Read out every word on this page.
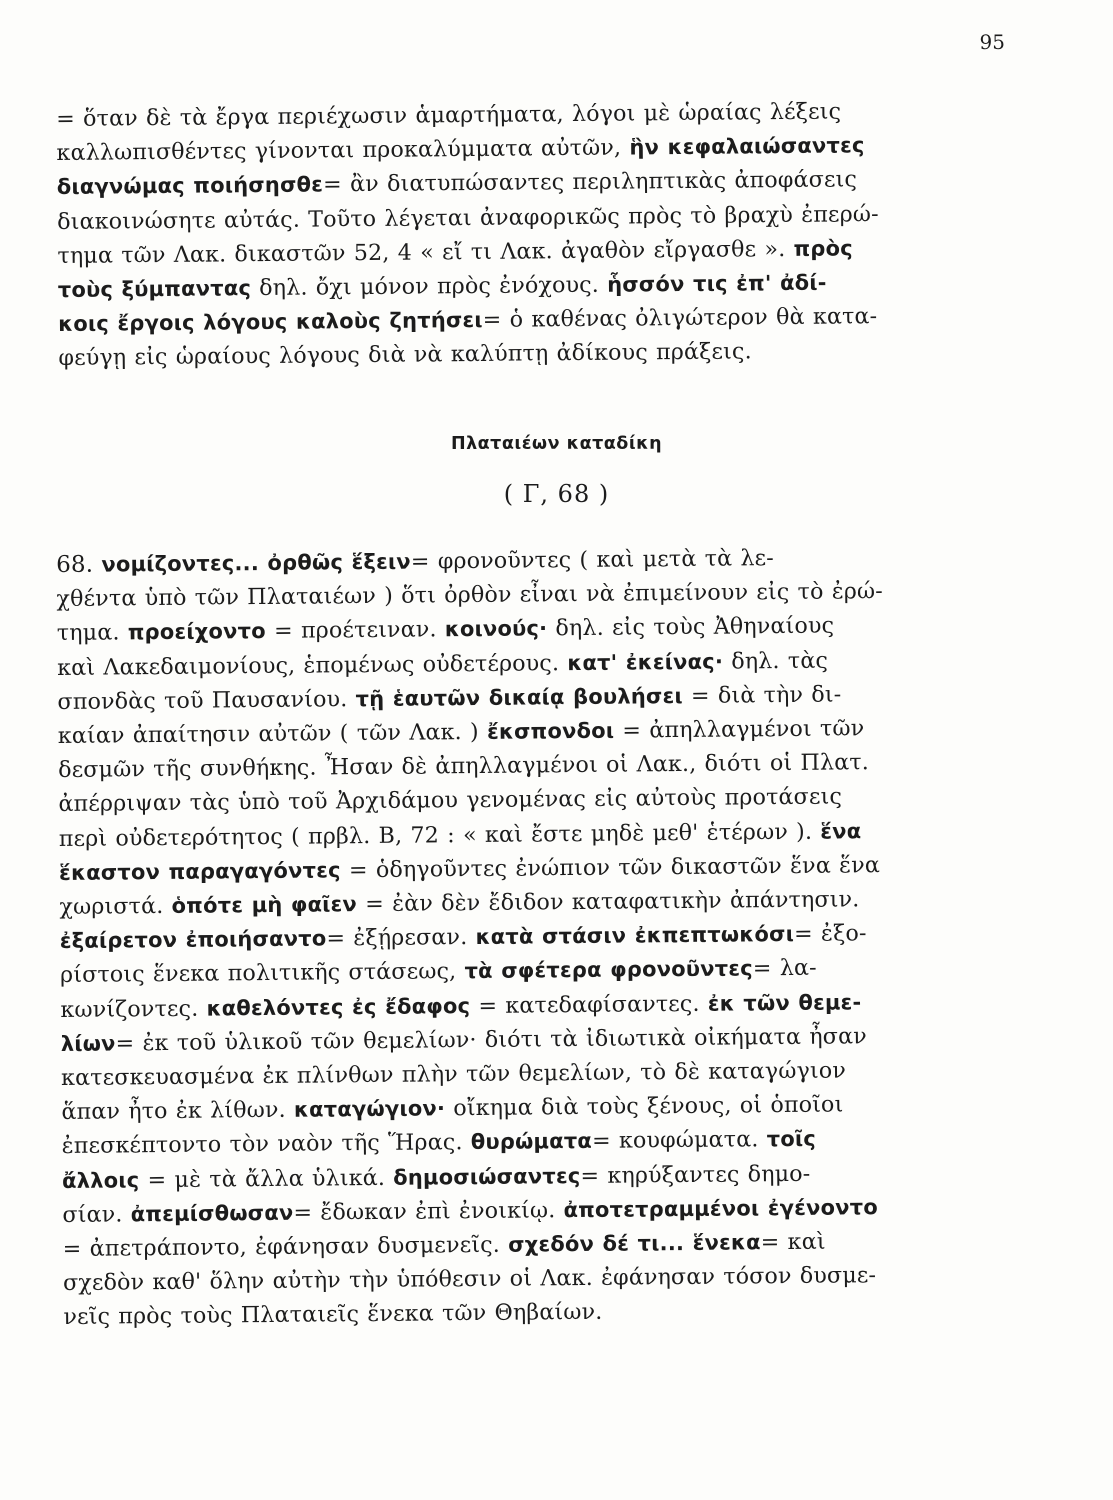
95
= ὅταν δὲ τὰ ἔργα περιέχωσιν ἁμαρτήματα, λόγοι μὲ ὡραίας λέξεις
καλλωπισθέντες γίνονται προκαλύμματα αὐτῶν, ἣν κεφαλαιώσαντες
διαγνώμας ποιήσησθε= ἂν διατυπώσαντες περιληπτικὰς ἀποφάσεις
διακοινώσητε αὐτάς. Τοῦτο λέγεται ἀναφορικῶς πρὸς τὸ βραχὺ ἐπερώ-
τημα τῶν Λακ. δικαστῶν 52, 4 « εἴ τι Λακ. ἀγαθὸν εἴργασθε ». πρὸς
τοὺς ξύμπαντας δηλ. ὄχι μόνον πρὸς ἐνόχους. ἧσσόν τις ἐπ' ἀδί-
κοις ἔργοις λόγους καλοὺς ζητήσει= ὁ καθένας ὀλιγώτερον θὰ κατα-
φεύγῃ εἰς ὡραίους λόγους διὰ νὰ καλύπτῃ ἀδίκους πράξεις.
Πλαταιέων καταδίκη
( Γ, 68 )
68. νομίζοντες... ὀρθῶς ἕξειν= φρονοῦντες ( καὶ μετὰ τὰ λε-
χθέντα ὑπὸ τῶν Πλαταιέων ) ὅτι ὀρθὸν εἶναι νὰ ἐπιμείνουν εἰς τὸ ἐρώ-
τημα. προείχοντο = προέτειναν. κοινούς· δηλ. εἰς τοὺς Ἀθηναίους
καὶ Λακεδαιμονίους, ἑπομένως οὐδετέρους. κατ' ἐκείνας· δηλ. τὰς
σπονδὰς τοῦ Παυσανίου. τῇ ἑαυτῶν δικαίᾳ βουλήσει = διὰ τὴν δι-
καίαν ἀπαίτησιν αὐτῶν ( τῶν Λακ. ) ἔκσπονδοι = ἀπηλλαγμένοι τῶν
δεσμῶν τῆς συνθήκης. Ἦσαν δὲ ἀπηλλαγμένοι οἱ Λακ., διότι οἱ Πλατ.
ἀπέρριψαν τὰς ὑπὸ τοῦ Ἀρχιδάμου γενομένας εἰς αὐτοὺς προτάσεις
περὶ οὐδετερότητος ( πρβλ. Β, 72 : « καὶ ἔστε μηδὲ μεθ' ἑτέρων ). ἕνα
ἕκαστον παραγαγόντες = ὁδηγοῦντες ἐνώπιον τῶν δικαστῶν ἕνα ἕνα
χωριστά. ὁπότε μὴ φαῖεν = ἐὰν δὲν ἔδιδον καταφατικὴν ἀπάντησιν.
ἐξαίρετον ἐποιήσαντο= ἐξῄρεσαν. κατὰ στάσιν ἐκπεπτωκόσι= ἐξο-
ρίστοις ἕνεκα πολιτικῆς στάσεως, τὰ σφέτερα φρονοῦντες= λα-
κωνίζοντες. καθελόντες ἐς ἔδαφος = κατεδαφίσαντες. ἐκ τῶν θεμε-
λίων= ἐκ τοῦ ὑλικοῦ τῶν θεμελίων· διότι τὰ ἰδιωτικὰ οἰκήματα ἦσαν
κατεσκευασμένα ἐκ πλίνθων πλὴν τῶν θεμελίων, τὸ δὲ καταγώγιον
ἅπαν ἦτο ἐκ λίθων. καταγώγιον· οἴκημα διὰ τοὺς ξένους, οἱ ὁποῖοι
ἐπεσκέπτοντο τὸν ναὸν τῆς Ἥρας. θυρώματα= κουφώματα. τοῖς
ἄλλοις = μὲ τὰ ἄλλα ὑλικά. δημοσιώσαντες= κηρύξαντες δημο-
σίαν. ἀπεμίσθωσαν= ἔδωκαν ἐπὶ ἐνοικίῳ. ἀποτετραμμένοι ἐγένοντο
= ἀπετράποντο, ἐφάνησαν δυσμενεῖς. σχεδόν δέ τι... ἕνεκα= καὶ
σχεδὸν καθ' ὅλην αὐτὴν τὴν ὑπόθεσιν οἱ Λακ. ἐφάνησαν τόσον δυσμε-
νεῖς πρὸς τοὺς Πλαταιεῖς ἕνεκα τῶν Θηβαίων.
